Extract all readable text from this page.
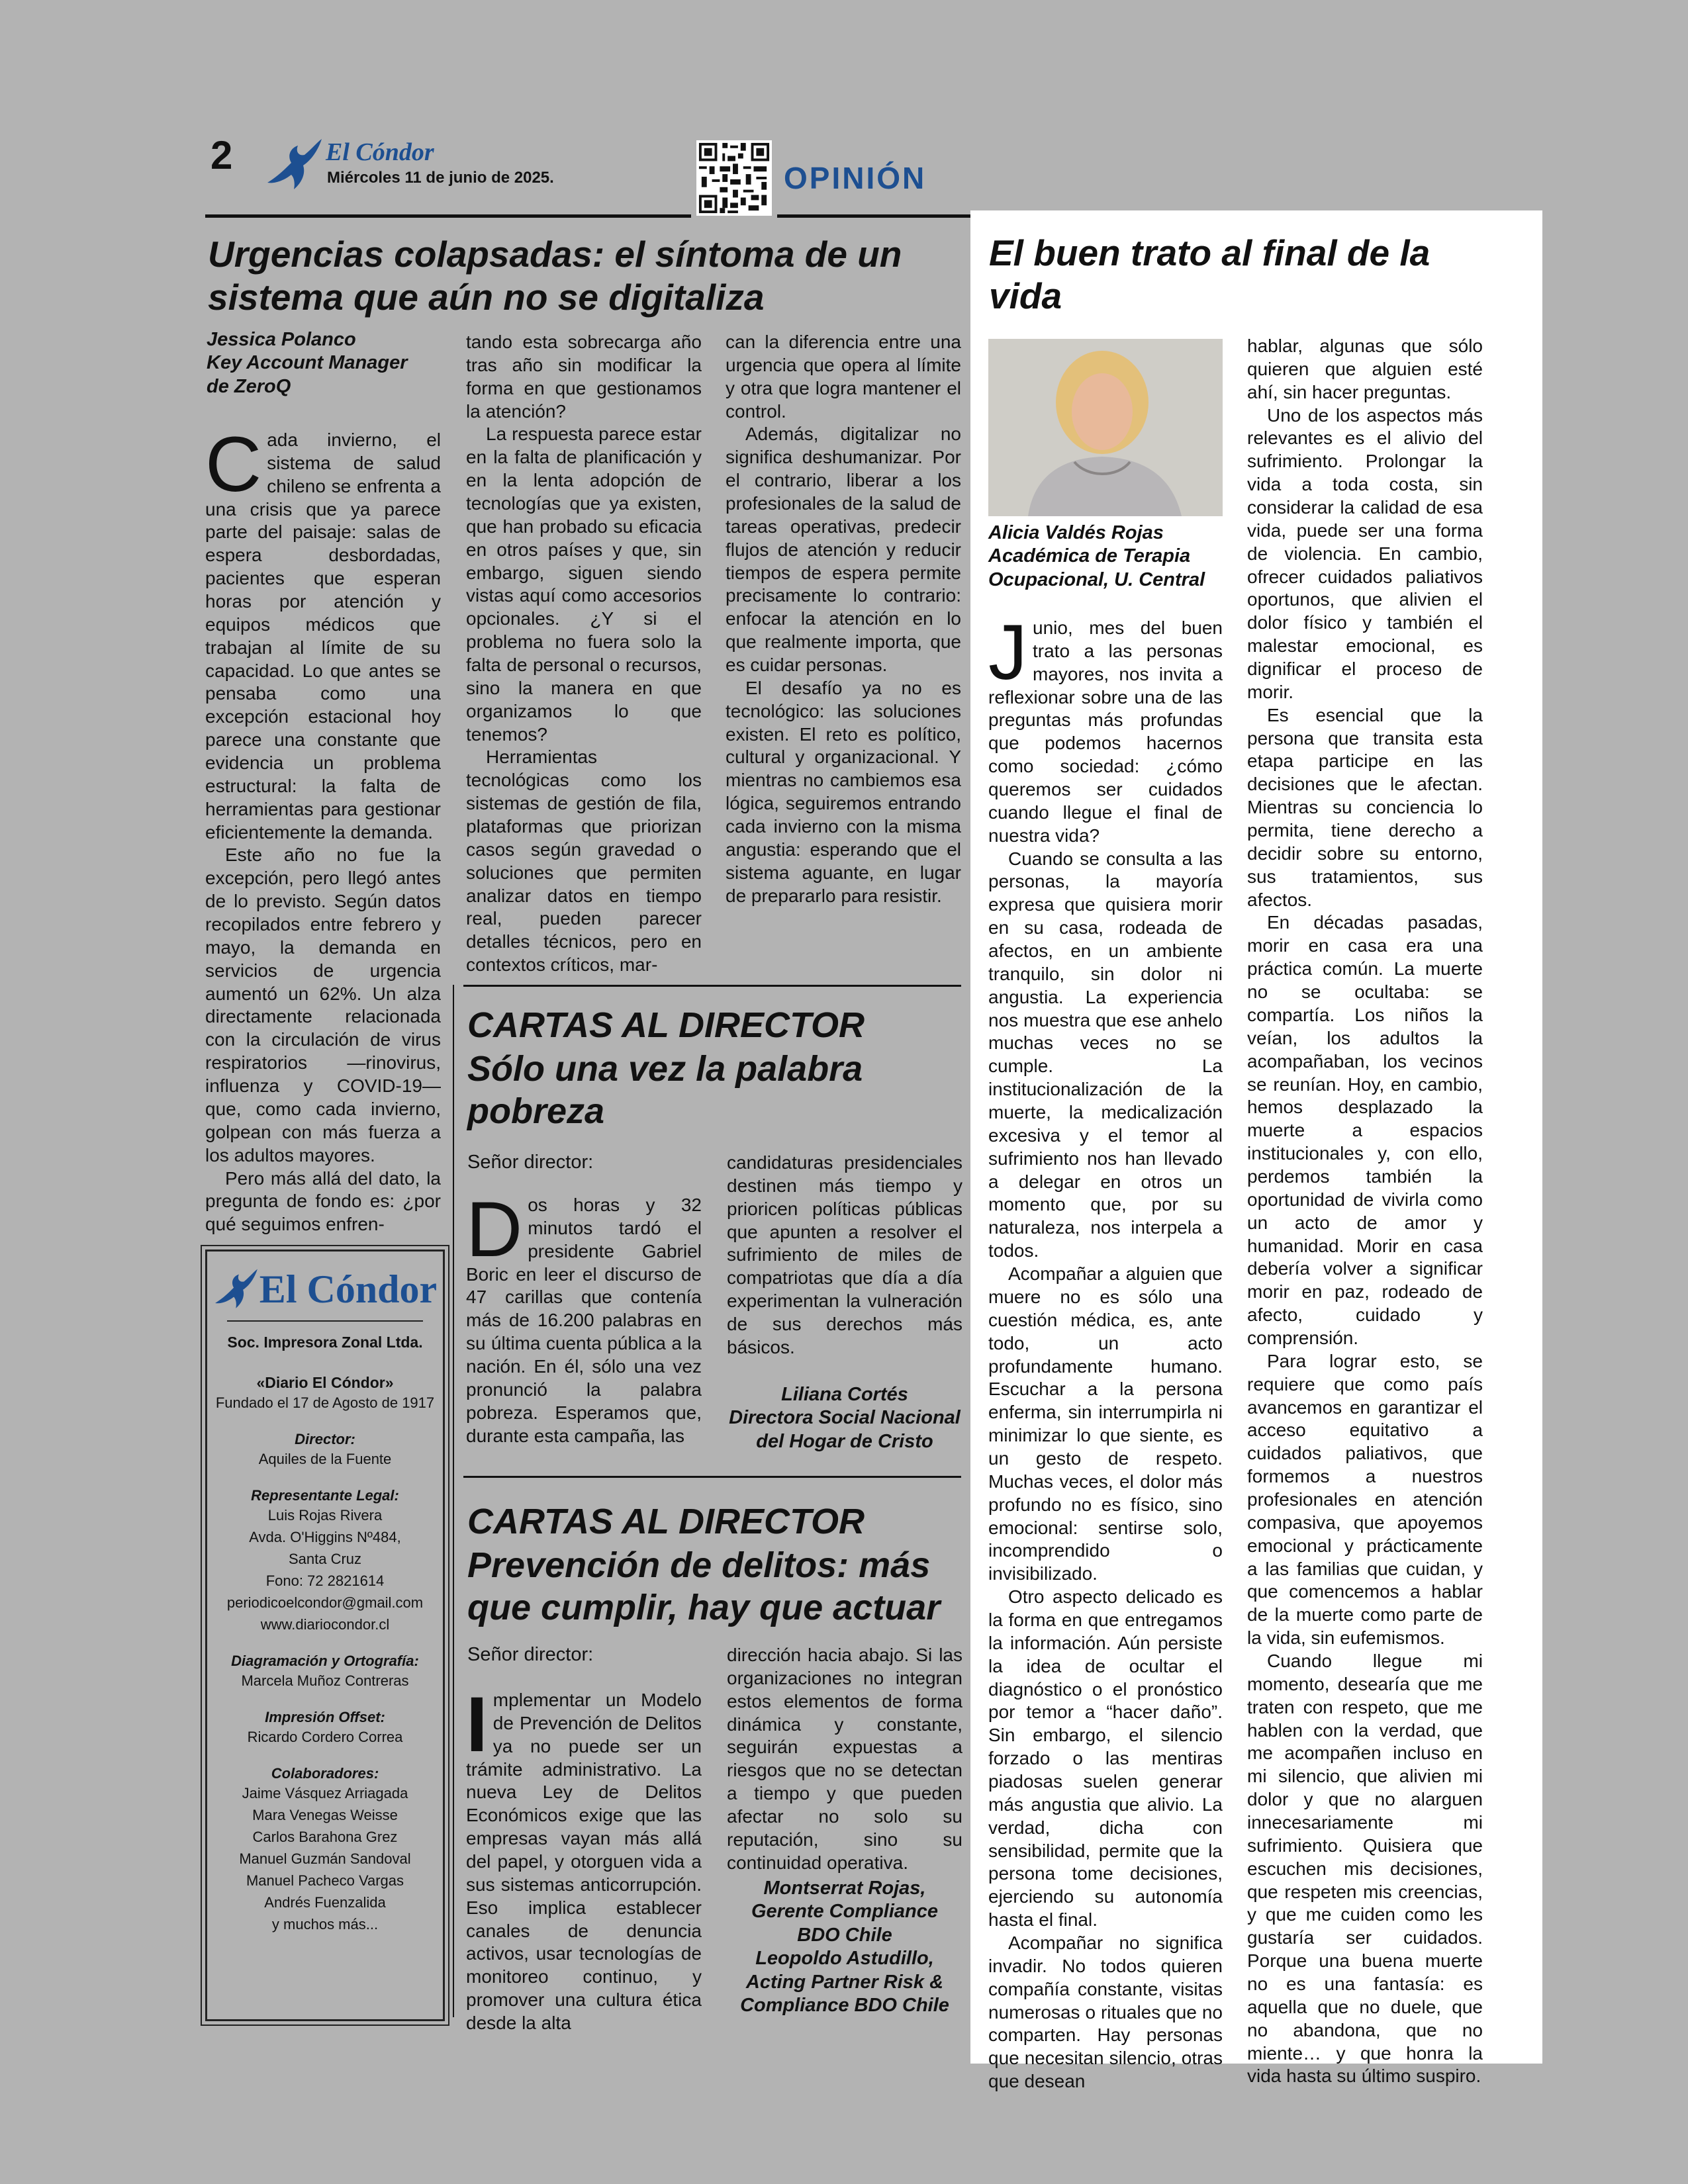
2	El Cóndor
Miércoles 11 de junio de 2025.	OPINIÓN
Urgencias colapsadas: el síntoma de un sistema que aún no se digitaliza
Jessica Polanco
Key Account Manager
de ZeroQ

Cada invierno, el sistema de salud chileno se enfrenta a una crisis que ya parece parte del paisaje: salas de espera desbordadas, pacientes que esperan horas por atención y equipos médicos que trabajan al límite de su capacidad. Lo que antes se pensaba como una excepción estacional hoy parece una constante que evidencia un problema estructural: la falta de herramientas para gestionar eficientemente la demanda.

Este año no fue la excepción, pero llegó antes de lo previsto. Según datos recopilados entre febrero y mayo, la demanda en servicios de urgencia aumentó un 62%. Un alza directamente relacionada con la circulación de virus respiratorios —rinovirus, influenza y COVID-19— que, como cada invierno, golpean con más fuerza a los adultos mayores.

Pero más allá del dato, la pregunta de fondo es: ¿por qué seguimos enfren-

tando esta sobrecarga año tras año sin modificar la forma en que gestionamos la atención?

La respuesta parece estar en la falta de planificación y en la lenta adopción de tecnologías que ya existen, que han probado su eficacia en otros países y que, sin embargo, siguen siendo vistas aquí como accesorios opcionales. ¿Y si el problema no fuera solo la falta de personal o recursos, sino la manera en que organizamos lo que tenemos?

Herramientas tecnológicas como los sistemas de gestión de fila, plataformas que priorizan casos según gravedad o soluciones que permiten analizar datos en tiempo real, pueden parecer detalles técnicos, pero en contextos críticos, mar-

can la diferencia entre una urgencia que opera al límite y otra que logra mantener el control.

Además, digitalizar no significa deshumanizar. Por el contrario, liberar a los profesionales de la salud de tareas operativas, predecir flujos de atención y reducir tiempos de espera permite precisamente lo contrario: enfocar la atención en lo que realmente importa, que es cuidar personas.

El desafío ya no es tecnológico: las soluciones existen. El reto es político, cultural y organizacional. Y mientras no cambiemos esa lógica, seguiremos entrando cada invierno con la misma angustia: esperando que el sistema aguante, en lugar de prepararlo para resistir.

CARTAS AL DIRECTOR
Sólo una vez la palabra pobreza
Señor director:

Dos horas y 32 minutos tardó el presidente Gabriel Boric en leer el discurso de 47 carillas que contenía más de 16.200 palabras en su última cuenta pública a la nación. En él, sólo una vez pronunció la palabra pobreza. Esperamos que, durante esta campaña, las

candidaturas presidenciales destinen más tiempo y prioricen políticas públicas que apunten a resolver el sufrimiento de miles de compatriotas que día a día experimentan la vulneración de sus derechos más básicos.

Liliana Cortés
Directora Social Nacional
del Hogar de Cristo
CARTAS AL DIRECTOR
Prevención de delitos: más que cumplir, hay que actuar
Señor director:

Implementar un Modelo de Prevención de Delitos ya no puede ser un trámite administrativo. La nueva Ley de Delitos Económicos exige que las empresas vayan más allá del papel, y otorguen vida a sus sistemas anticorrupción. Eso implica establecer canales de denuncia activos, usar tecnologías de monitoreo continuo, y promover una cultura ética desde la alta

dirección hacia abajo. Si las organizaciones no integran estos elementos de forma dinámica y constante, seguirán expuestas a riesgos que no se detectan a tiempo y que pueden afectar no solo su reputación, sino su continuidad operativa.

Montserrat Rojas,
Gerente Compliance
BDO Chile
Leopoldo Astudillo,
Acting Partner Risk &
Compliance BDO Chile
El Cóndor
Soc. Impresora Zonal Ltda.
«Diario El Cóndor»
Fundado el 17 de Agosto de 1917
Director:
Aquiles de la Fuente
Representante Legal:
Luis Rojas Rivera
Avda. O'Higgins Nº484,
Santa Cruz
Fono: 72 2821614
periodicoelcondor@gmail.com
www.diariocondor.cl
Diagramación y Ortografía:
Marcela Muñoz Contreras
Impresión Offset:
Ricardo Cordero Correa
Colaboradores:
Jaime Vásquez Arriagada
Mara Venegas Weisse
Carlos Barahona Grez
Manuel Guzmán Sandoval
Manuel Pacheco Vargas
Andrés Fuenzalida
y muchos más...
El buen trato al final de la vida
Alicia Valdés Rojas
Académica de Terapia
Ocupacional, U. Central

Junio, mes del buen trato a las personas mayores, nos invita a reflexionar sobre una de las preguntas más profundas que podemos hacernos como sociedad: ¿cómo queremos ser cuidados cuando llegue el final de nuestra vida?

Cuando se consulta a las personas, la mayoría expresa que quisiera morir en su casa, rodeada de afectos, en un ambiente tranquilo, sin dolor ni angustia. La experiencia nos muestra que ese anhelo muchas veces no se cumple. La institucionalización de la muerte, la medicalización excesiva y el temor al sufrimiento nos han llevado a delegar en otros un momento que, por su naturaleza, nos interpela a todos.

Acompañar a alguien que muere no es sólo una cuestión médica, es, ante todo, un acto profundamente humano. Escuchar a la persona enferma, sin interrumpirla ni minimizar lo que siente, es un gesto de respeto. Muchas veces, el dolor más profundo no es físico, sino emocional: sentirse solo, incomprendido o invisibilizado.

Otro aspecto delicado es la forma en que entregamos la información. Aún persiste la idea de ocultar el diagnóstico o el pronóstico por temor a “hacer daño”. Sin embargo, el silencio forzado o las mentiras piadosas suelen generar más angustia que alivio. La verdad, dicha con sensibilidad, permite que la persona tome decisiones, ejerciendo su autonomía hasta el final.

Acompañar no significa invadir. No todos quieren compañía constante, visitas numerosas o rituales que no comparten. Hay personas que necesitan silencio, otras que desean

hablar, algunas que sólo quieren que alguien esté ahí, sin hacer preguntas.

Uno de los aspectos más relevantes es el alivio del sufrimiento. Prolongar la vida a toda costa, sin considerar la calidad de esa vida, puede ser una forma de violencia. En cambio, ofrecer cuidados paliativos oportunos, que alivien el dolor físico y también el malestar emocional, es dignificar el proceso de morir.

Es esencial que la persona que transita esta etapa participe en las decisiones que le afectan. Mientras su conciencia lo permita, tiene derecho a decidir sobre su entorno, sus tratamientos, sus afectos.

En décadas pasadas, morir en casa era una práctica común. La muerte no se ocultaba: se compartía. Los niños la veían, los adultos la acompañaban, los vecinos se reunían. Hoy, en cambio, hemos desplazado la muerte a espacios institucionales y, con ello, perdemos también la oportunidad de vivirla como un acto de amor y humanidad. Morir en casa debería volver a significar morir en paz, rodeado de afecto, cuidado y comprensión.

Para lograr esto, se requiere que como país avancemos en garantizar el acceso equitativo a cuidados paliativos, que formemos a nuestros profesionales en atención compasiva, que apoyemos emocional y prácticamente a las familias que cuidan, y que comencemos a hablar de la muerte como parte de la vida, sin eufemismos.

Cuando llegue mi momento, desearía que me traten con respeto, que me hablen con la verdad, que me acompañen incluso en mi silencio, que alivien mi dolor y que no alarguen innecesariamente mi sufrimiento. Quisiera que escuchen mis decisiones, que respeten mis creencias, y que me cuiden como les gustaría ser cuidados. Porque una buena muerte no es una fantasía: es aquella que no duele, que no abandona, que no miente… y que honra la vida hasta su último suspiro.
